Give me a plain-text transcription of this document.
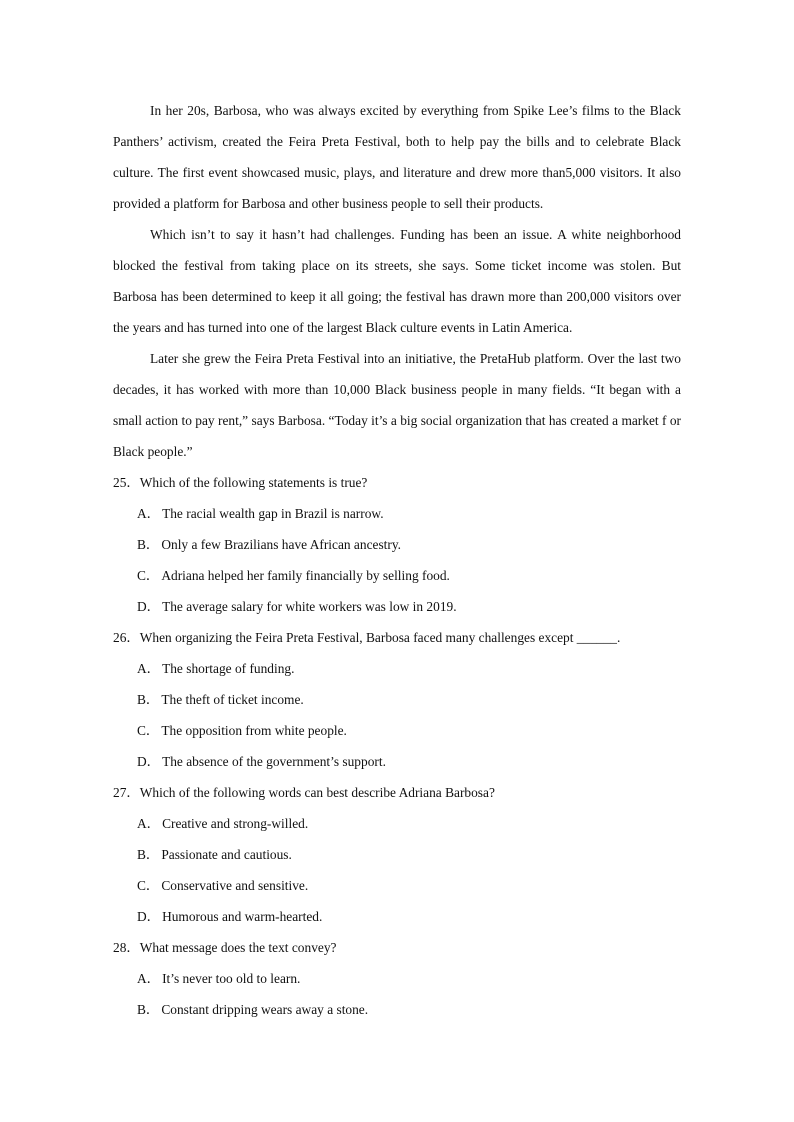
In her 20s, Barbosa, who was always excited by everything from Spike Lee’s films to the Black Panthers’ activism, created the Feira Preta Festival, both to help pay the bills and to celebrate Black culture. The first event showcased music, plays, and literature and drew more than5,000 visitors. It also provided a platform for Barbosa and other business people to sell their products.

Which isn’t to say it hasn’t had challenges. Funding has been an issue. A white neighborhood blocked the festival from taking place on its streets, she says. Some ticket income was stolen. But Barbosa has been determined to keep it all going; the festival has drawn more than 200,000 visitors over the years and has turned into one of the largest Black culture events in Latin America.

Later she grew the Feira Preta Festival into an initiative, the PretaHub platform. Over the last two decades, it has worked with more than 10,000 Black business people in many fields. “It began with a small action to pay rent,” says Barbosa. “Today it’s a big social organization that has created a market f or Black people.”

25．Which of the following statements is true?

A． The racial wealth gap in Brazil is narrow.

B． Only a few Brazilians have African ancestry.

C． Adriana helped her family financially by selling food.

D． The average salary for white workers was low in 2019.

26．When organizing the Feira Preta Festival, Barbosa faced many challenges except ______.

A． The shortage of funding.

B． The theft of ticket income.

C． The opposition from white people.

D． The absence of the government’s support.

27．Which of the following words can best describe Adriana Barbosa?

A． Creative and strong-willed.

B． Passionate and cautious.

C． Conservative and sensitive.

D． Humorous and warm-hearted.

28．What message does the text convey?

A． It’s never too old to learn.

B． Constant dripping wears away a stone.
